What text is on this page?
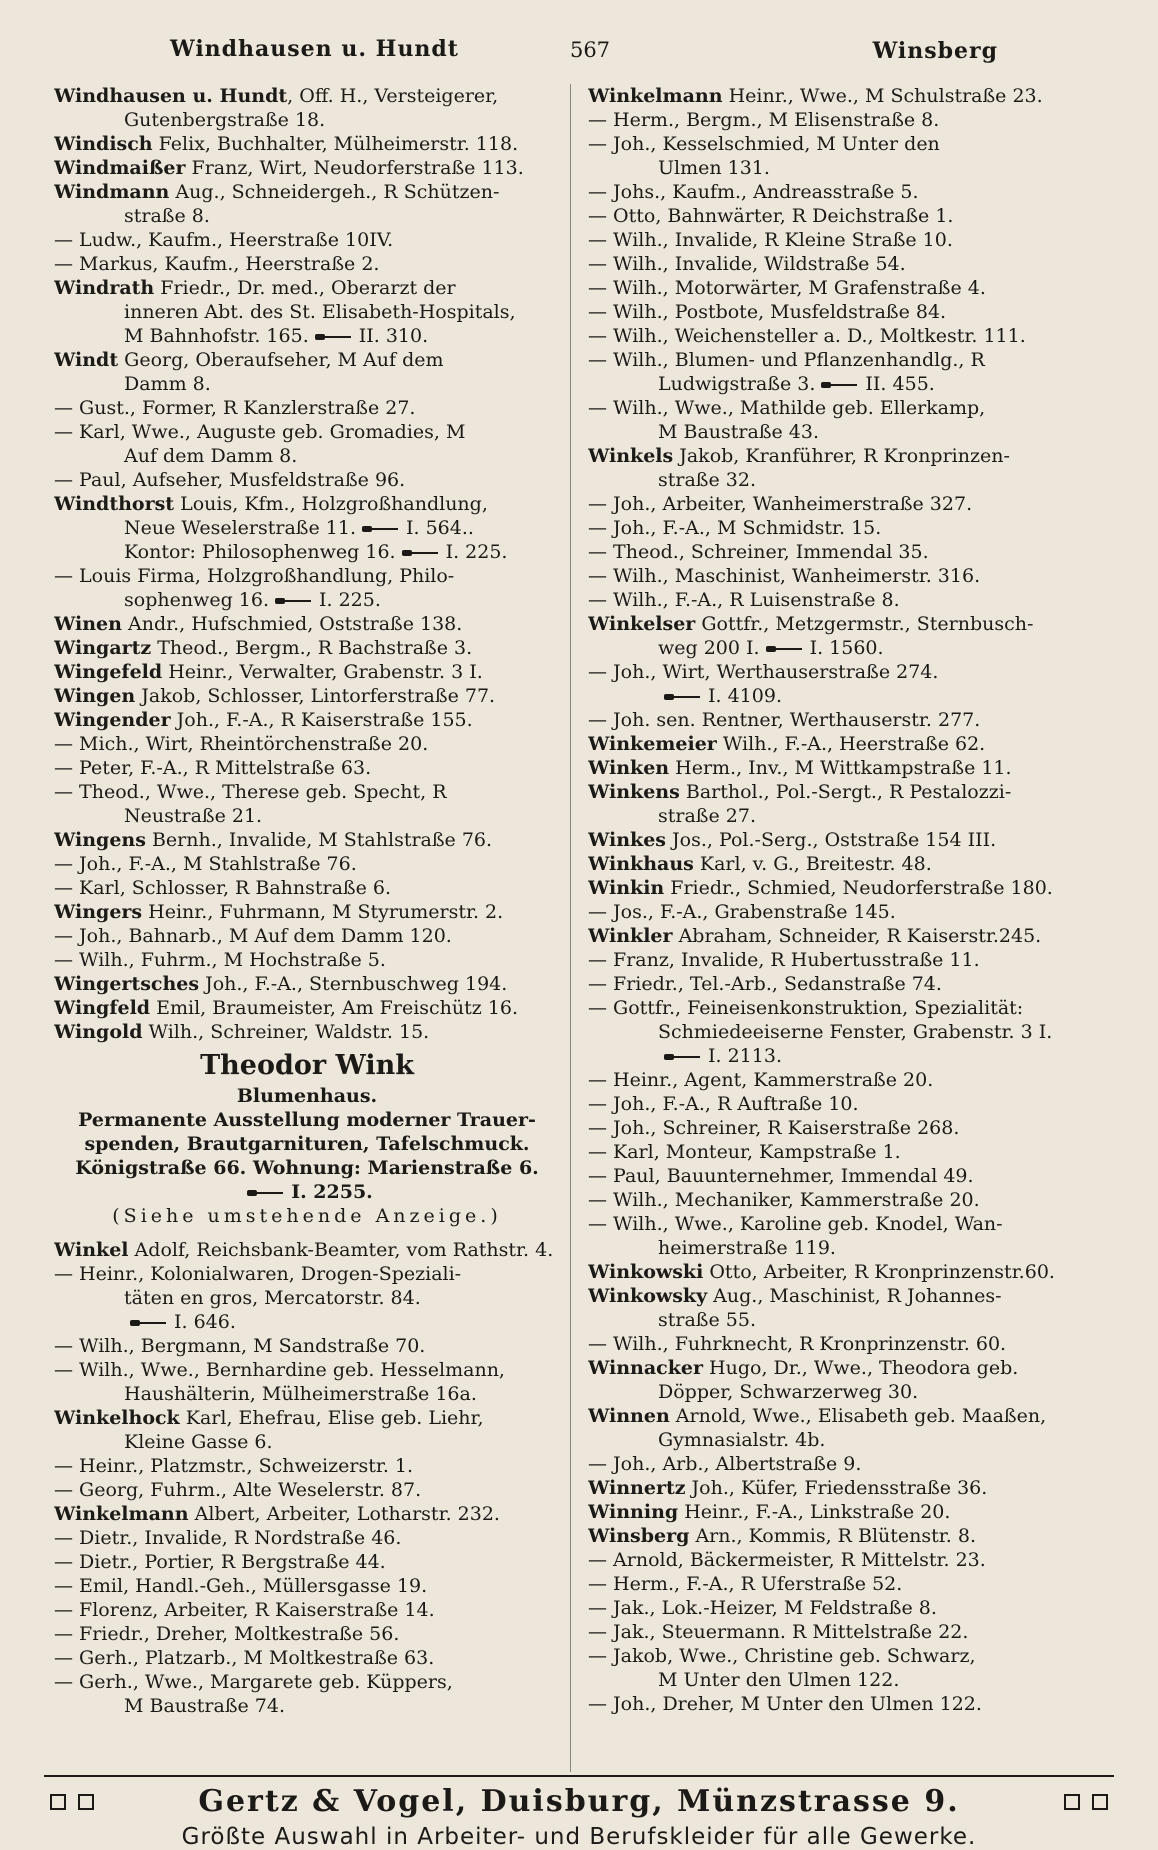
Windhausen u. Hundt	567	Winsberg
Windhausen u. Hundt, Off. H., Versteigerer,
Gutenbergstraße 18.
Windisch Felix, Buchhalter, Mülheimerstr. 118.
Windmaißer Franz, Wirt, Neudorferstraße 113.
Windmann Aug., Schneidergeh., R Schützen-
straße 8.
— Ludw., Kaufm., Heerstraße 10IV.
— Markus, Kaufm., Heerstraße 2.
Windrath Friedr., Dr. med., Oberarzt der
inneren Abt. des St. Elisabeth-Hospitals,
M Bahnhofstr. 165.	II. 310.
Windt Georg, Oberaufseher, M Auf dem
Damm 8.
— Gust., Former, R Kanzlerstraße 27.
— Karl, Wwe., Auguste geb. Gromadies, M
Auf dem Damm 8.
— Paul, Aufseher, Musfeldstraße 96.
Windthorst Louis, Kfm., Holzgroßhandlung,
Neue Weselerstraße 11.	I. 564..
Kontor: Philosophenweg 16.	I. 225.
— Louis Firma, Holzgroßhandlung, Philo-
sophenweg 16.	I. 225.
Winen Andr., Hufschmied, Oststraße 138.
Wingartz Theod., Bergm., R Bachstraße 3.
Wingefeld Heinr., Verwalter, Grabenstr. 3 I.
Wingen Jakob, Schlosser, Lintorferstraße 77.
Wingender Joh., F.-A., R Kaiserstraße 155.
— Mich., Wirt, Rheintörchenstraße 20.
— Peter, F.-A., R Mittelstraße 63.
— Theod., Wwe., Therese geb. Specht, R
Neustraße 21.
Wingens Bernh., Invalide, M Stahlstraße 76.
— Joh., F.-A., M Stahlstraße 76.
— Karl, Schlosser, R Bahnstraße 6.
Wingers Heinr., Fuhrmann, M Styrumerstr. 2.
— Joh., Bahnarb., M Auf dem Damm 120.
— Wilh., Fuhrm., M Hochstraße 5.
Wingertsches Joh., F.-A., Sternbuschweg 194.
Wingfeld Emil, Braumeister, Am Freischütz 16.
Wingold Wilh., Schreiner, Waldstr. 15.
Theodor Wink
Blumenhaus.
Permanente Ausstellung moderner Trauer-
spenden, Brautgarnituren, Tafelschmuck.
Königstraße 66. Wohnung: Marienstraße 6.
I. 2255.
(Siehe umstehende Anzeige.)
Winkel Adolf, Reichsbank-Beamter, vom Rathstr. 4.
— Heinr., Kolonialwaren, Drogen-Speziali-
täten en gros, Mercatorstr. 84.
I. 646.
— Wilh., Bergmann, M Sandstraße 70.
— Wilh., Wwe., Bernhardine geb. Hesselmann,
Haushälterin, Mülheimerstraße 16a.
Winkelhock Karl, Ehefrau, Elise geb. Liehr,
Kleine Gasse 6.
— Heinr., Platzmstr., Schweizerstr. 1.
— Georg, Fuhrm., Alte Weselerstr. 87.
Winkelmann Albert, Arbeiter, Lotharstr. 232.
— Dietr., Invalide, R Nordstraße 46.
— Dietr., Portier, R Bergstraße 44.
— Emil, Handl.-Geh., Müllersgasse 19.
— Florenz, Arbeiter, R Kaiserstraße 14.
— Friedr., Dreher, Moltkestraße 56.
— Gerh., Platzarb., M Moltkestraße 63.
— Gerh., Wwe., Margarete geb. Küppers,
M Baustraße 74.
Winkelmann Heinr., Wwe., M Schulstraße 23.
— Herm., Bergm., M Elisenstraße 8.
— Joh., Kesselschmied, M Unter den
Ulmen 131.
— Johs., Kaufm., Andreasstraße 5.
— Otto, Bahnwärter, R Deichstraße 1.
— Wilh., Invalide, R Kleine Straße 10.
— Wilh., Invalide, Wildstraße 54.
— Wilh., Motorwärter, M Grafenstraße 4.
— Wilh., Postbote, Musfeldstraße 84.
— Wilh., Weichensteller a. D., Moltkestr. 111.
— Wilh., Blumen- und Pflanzenhandlg., R
Ludwigstraße 3.	II. 455.
— Wilh., Wwe., Mathilde geb. Ellerkamp,
M Baustraße 43.
Winkels Jakob, Kranführer, R Kronprinzen-
straße 32.
— Joh., Arbeiter, Wanheimerstraße 327.
— Joh., F.-A., M Schmidstr. 15.
— Theod., Schreiner, Immendal 35.
— Wilh., Maschinist, Wanheimerstr. 316.
— Wilh., F.-A., R Luisenstraße 8.
Winkelser Gottfr., Metzgermstr., Sternbusch-
weg 200 I.	I. 1560.
— Joh., Wirt, Werthauserstraße 274.
I. 4109.
— Joh. sen. Rentner, Werthauserstr. 277.
Winkemeier Wilh., F.-A., Heerstraße 62.
Winken Herm., Inv., M Wittkampstraße 11.
Winkens Barthol., Pol.-Sergt., R Pestalozzi-
straße 27.
Winkes Jos., Pol.-Serg., Oststraße 154 III.
Winkhaus Karl, v. G., Breitestr. 48.
Winkin Friedr., Schmied, Neudorferstraße 180.
— Jos., F.-A., Grabenstraße 145.
Winkler Abraham, Schneider, R Kaiserstr.245.
— Franz, Invalide, R Hubertusstraße 11.
— Friedr., Tel.-Arb., Sedanstraße 74.
— Gottfr., Feineisenkonstruktion, Spezialität:
Schmiedeeiserne Fenster, Grabenstr. 3 I.
I. 2113.
— Heinr., Agent, Kammerstraße 20.
— Joh., F.-A., R Auftraße 10.
— Joh., Schreiner, R Kaiserstraße 268.
— Karl, Monteur, Kampstraße 1.
— Paul, Bauunternehmer, Immendal 49.
— Wilh., Mechaniker, Kammerstraße 20.
— Wilh., Wwe., Karoline geb. Knodel, Wan-
heimerstraße 119.
Winkowski Otto, Arbeiter, R Kronprinzenstr.60.
Winkowsky Aug., Maschinist, R Johannes-
straße 55.
— Wilh., Fuhrknecht, R Kronprinzenstr. 60.
Winnacker Hugo, Dr., Wwe., Theodora geb.
Döpper, Schwarzerweg 30.
Winnen Arnold, Wwe., Elisabeth geb. Maaßen,
Gymnasialstr. 4b.
— Joh., Arb., Albertstraße 9.
Winnertz Joh., Küfer, Friedensstraße 36.
Winning Heinr., F.-A., Linkstraße 20.
Winsberg Arn., Kommis, R Blütenstr. 8.
— Arnold, Bäckermeister, R Mittelstr. 23.
— Herm., F.-A., R Uferstraße 52.
— Jak., Lok.-Heizer, M Feldstraße 8.
— Jak., Steuermann. R Mittelstraße 22.
— Jakob, Wwe., Christine geb. Schwarz,
M Unter den Ulmen 122.
— Joh., Dreher, M Unter den Ulmen 122.
Gertz & Vogel, Duisburg, Münzstrasse 9.
Größte Auswahl in Arbeiter- und Berufskleider für alle Gewerke.
